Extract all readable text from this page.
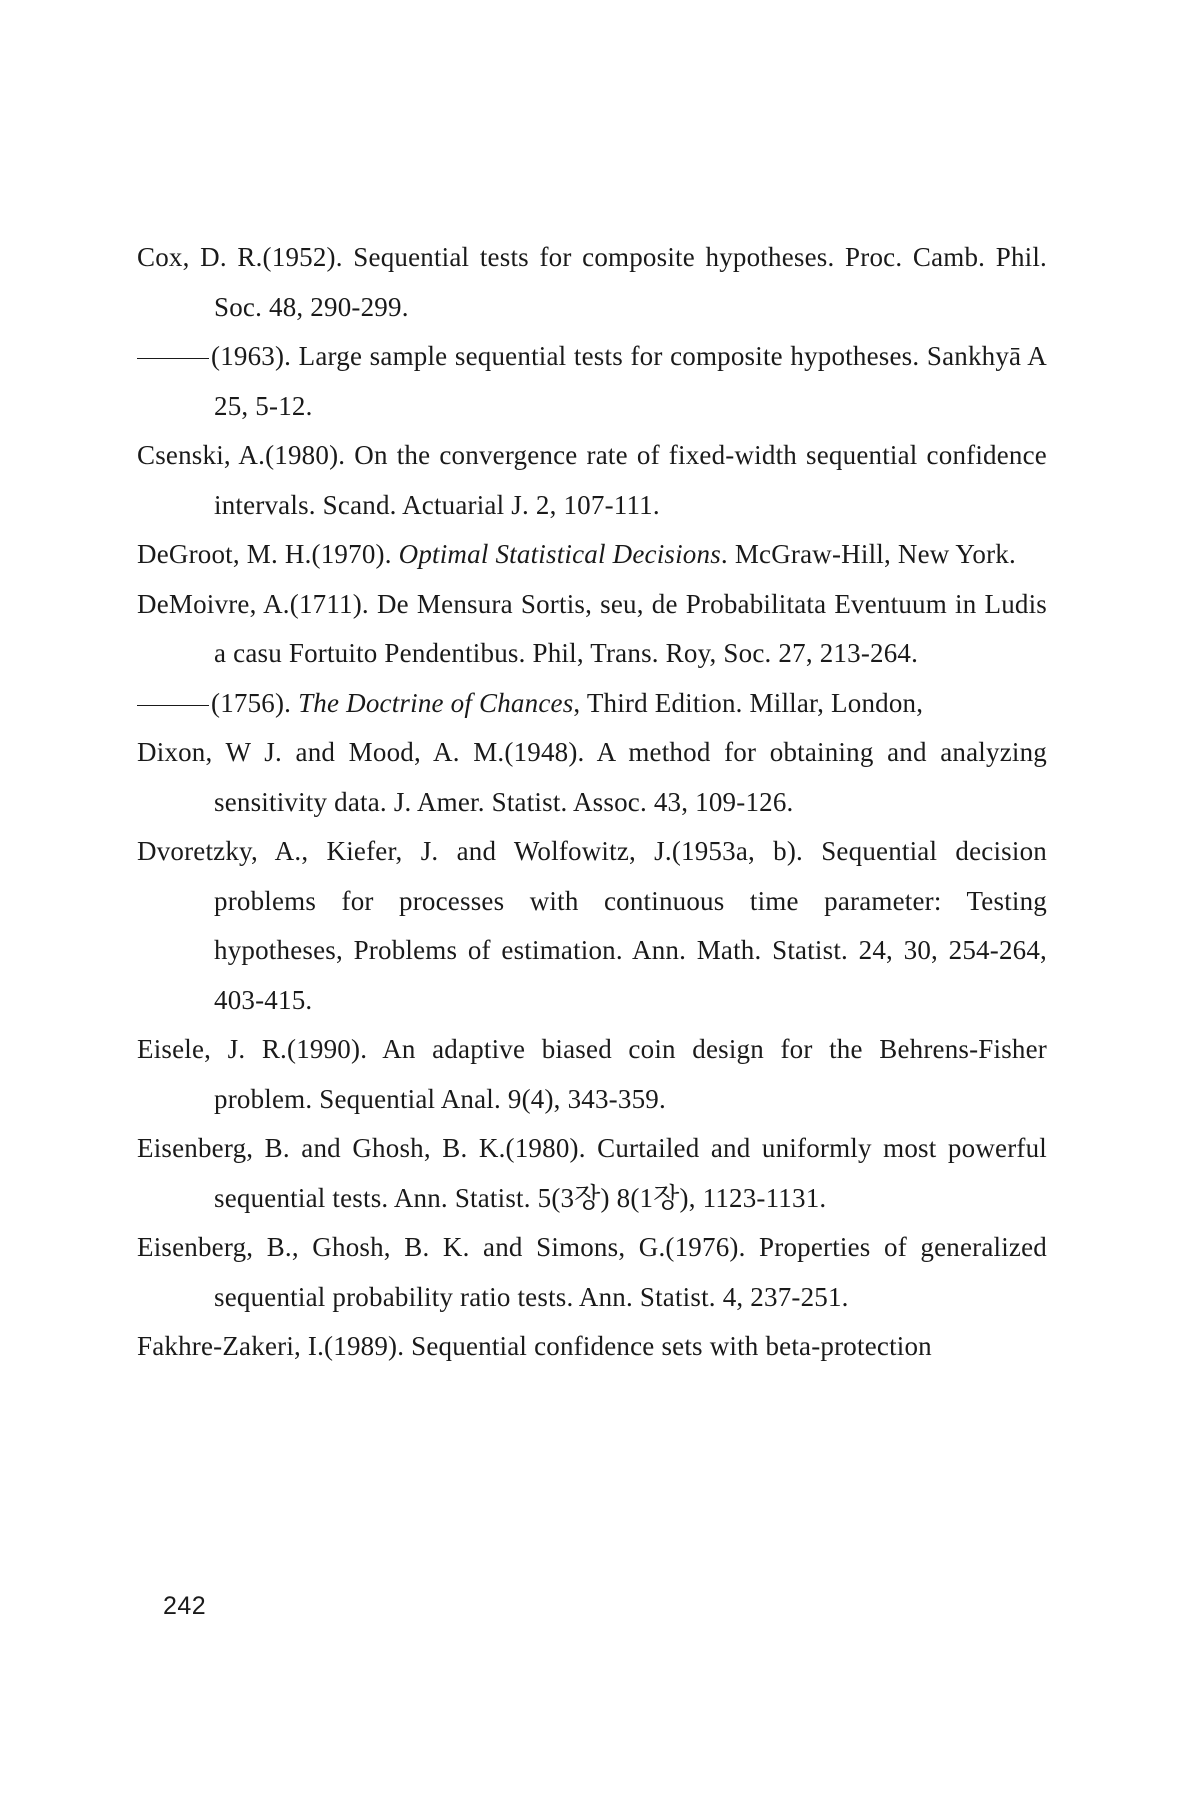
Cox, D. R.(1952). Sequential tests for composite hypotheses. Proc. Camb. Phil. Soc. 48, 290-299.

(1963). Large sample sequential tests for composite hypotheses. Sankhyā A 25, 5-12.

Csenski, A.(1980). On the convergence rate of fixed-width sequential confidence intervals. Scand. Actuarial J. 2, 107-111.

DeGroot, M. H.(1970). Optimal Statistical Decisions. McGraw-Hill, New York.

DeMoivre, A.(1711). De Mensura Sortis, seu, de Probabilitata Eventuum in Ludis a casu Fortuito Pendentibus. Phil, Trans. Roy, Soc. 27, 213-264.

(1756). The Doctrine of Chances, Third Edition. Millar, London,

Dixon, W J. and Mood, A. M.(1948). A method for obtaining and analyzing sensitivity data. J. Amer. Statist. Assoc. 43, 109-126.

Dvoretzky, A., Kiefer, J. and Wolfowitz, J.(1953a, b). Sequential decision problems for processes with continuous time parameter: Testing hypotheses, Problems of estimation. Ann. Math. Statist. 24, 30, 254-264, 403-415.

Eisele, J. R.(1990). An adaptive biased coin design for the Behrens-Fisher problem. Sequential Anal. 9(4), 343-359.

Eisenberg, B. and Ghosh, B. K.(1980). Curtailed and uniformly most powerful sequential tests. Ann. Statist. 5(3장) 8(1장), 1123-1131.

Eisenberg, B., Ghosh, B. K. and Simons, G.(1976). Properties of generalized sequential probability ratio tests. Ann. Statist. 4, 237-251.

Fakhre-Zakeri, I.(1989). Sequential confidence sets with beta-protection

242
